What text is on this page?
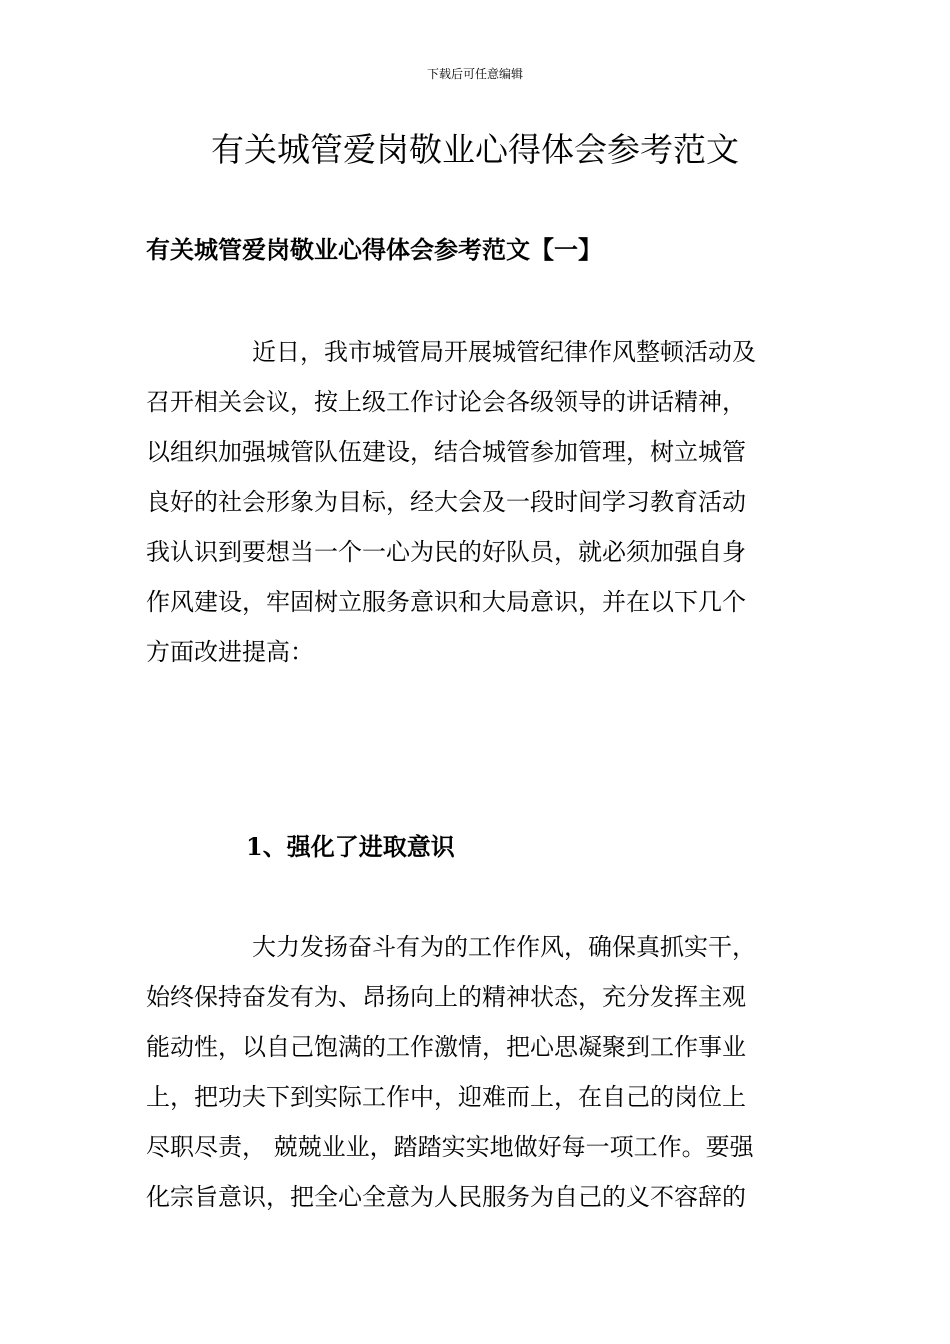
下载后可任意编辑
有关城管爱岗敬业心得体会参考范文
有关城管爱岗敬业心得体会参考范文【一】
近日，我市城管局开展城管纪律作风整顿活动及
召开相关会议，按上级工作讨论会各级领导的讲话精神，
以组织加强城管队伍建设，结合城管参加管理，树立城管
良好的社会形象为目标，经大会及一段时间学习教育活动
我认识到要想当一个一心为民的好队员，就必须加强自身
作风建设，牢固树立服务意识和大局意识，并在以下几个
方面改进提高：
1、强化了进取意识
大力发扬奋斗有为的工作作风，确保真抓实干，
始终保持奋发有为、昂扬向上的精神状态，充分发挥主观
能动性，以自己饱满的工作激情，把心思凝聚到工作事业
上，把功夫下到实际工作中，迎难而上，在自己的岗位上
尽职尽责， 兢兢业业，踏踏实实地做好每一项工作。要强
化宗旨意识，把全心全意为人民服务为自己的义不容辞的
